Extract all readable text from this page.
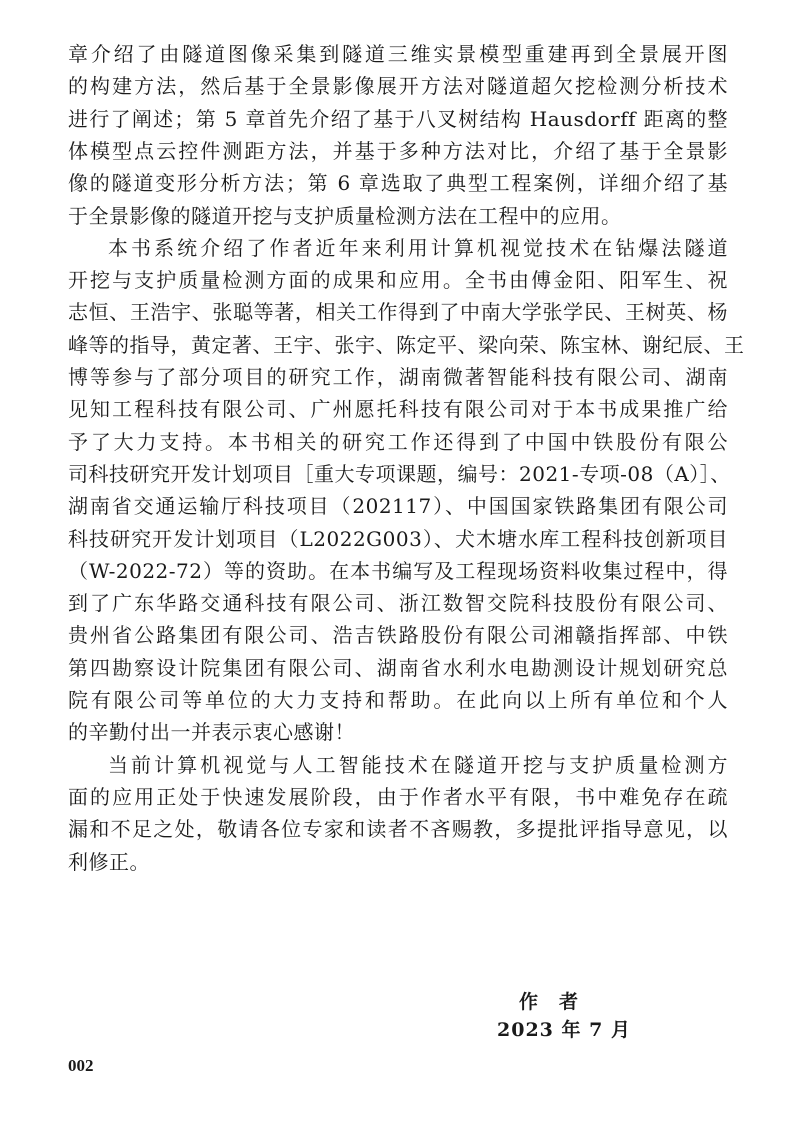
章介绍了由隧道图像采集到隧道三维实景模型重建再到全景展开图
的构建方法，然后基于全景影像展开方法对隧道超欠挖检测分析技术
进行了阐述；第 5 章首先介绍了基于八叉树结构 Hausdorff 距离的整
体模型点云控件测距方法，并基于多种方法对比，介绍了基于全景影
像的隧道变形分析方法；第 6 章选取了典型工程案例，详细介绍了基
于全景影像的隧道开挖与支护质量检测方法在工程中的应用。
本书系统介绍了作者近年来利用计算机视觉技术在钻爆法隧道
开挖与支护质量检测方面的成果和应用。全书由傅金阳、阳军生、祝
志恒、王浩宇、张聪等著，相关工作得到了中南大学张学民、王树英、杨
峰等的指导，黄定著、王宇、张宇、陈定平、梁向荣、陈宝林、谢纪辰、王
博等参与了部分项目的研究工作，湖南微著智能科技有限公司、湖南
见知工程科技有限公司、广州愿托科技有限公司对于本书成果推广给
予了大力支持。本书相关的研究工作还得到了中国中铁股份有限公
司科技研究开发计划项目［重大专项课题，编号：2021-专项-08（A）］、
湖南省交通运输厅科技项目（202117）、中国国家铁路集团有限公司
科技研究开发计划项目（L2022G003）、犬木塘水库工程科技创新项目
（W-2022-72）等的资助。在本书编写及工程现场资料收集过程中，得
到了广东华路交通科技有限公司、浙江数智交院科技股份有限公司、
贵州省公路集团有限公司、浩吉铁路股份有限公司湘赣指挥部、中铁
第四勘察设计院集团有限公司、湖南省水利水电勘测设计规划研究总
院有限公司等单位的大力支持和帮助。在此向以上所有单位和个人
的辛勤付出一并表示衷心感谢！
当前计算机视觉与人工智能技术在隧道开挖与支护质量检测方
面的应用正处于快速发展阶段，由于作者水平有限，书中难免存在疏
漏和不足之处，敬请各位专家和读者不吝赐教，多提批评指导意见，以
利修正。
作　者
2023 年 7 月
002
